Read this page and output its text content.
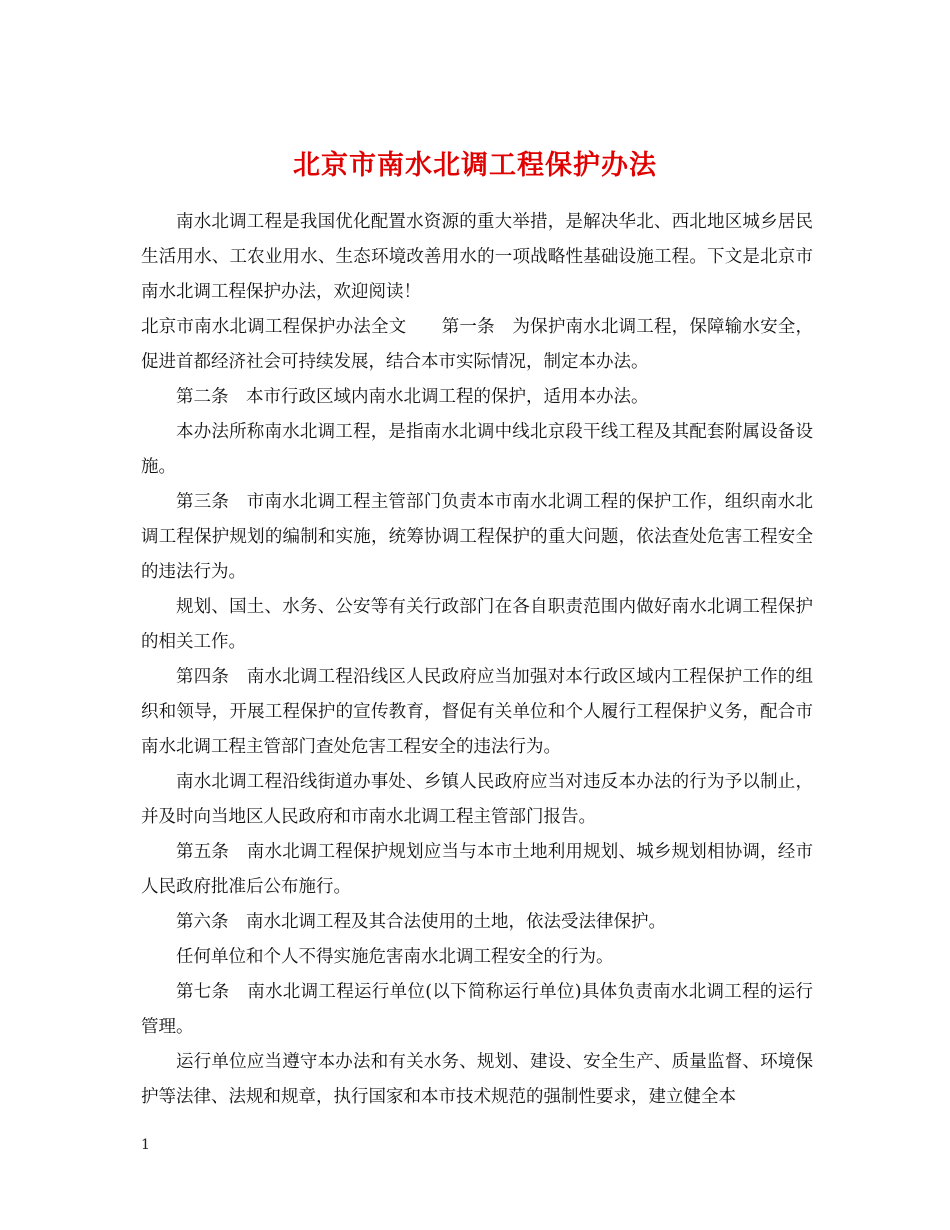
北京市南水北调工程保护办法

南水北调工程是我国优化配置水资源的重大举措，是解决华北、西北地区城乡居民生活用水、工农业用水、生态环境改善用水的一项战略性基础设施工程。下文是北京市南水北调工程保护办法，欢迎阅读！

北京市南水北调工程保护办法全文　　第一条　为保护南水北调工程，保障输水安全，促进首都经济社会可持续发展，结合本市实际情况，制定本办法。

第二条　本市行政区域内南水北调工程的保护，适用本办法。

本办法所称南水北调工程，是指南水北调中线北京段干线工程及其配套附属设备设施。

第三条　市南水北调工程主管部门负责本市南水北调工程的保护工作，组织南水北调工程保护规划的编制和实施，统筹协调工程保护的重大问题，依法查处危害工程安全的违法行为。

规划、国土、水务、公安等有关行政部门在各自职责范围内做好南水北调工程保护的相关工作。

第四条　南水北调工程沿线区人民政府应当加强对本行政区域内工程保护工作的组织和领导，开展工程保护的宣传教育，督促有关单位和个人履行工程保护义务，配合市南水北调工程主管部门查处危害工程安全的违法行为。

南水北调工程沿线街道办事处、乡镇人民政府应当对违反本办法的行为予以制止，并及时向当地区人民政府和市南水北调工程主管部门报告。

第五条　南水北调工程保护规划应当与本市土地利用规划、城乡规划相协调，经市人民政府批准后公布施行。

第六条　南水北调工程及其合法使用的土地，依法受法律保护。

任何单位和个人不得实施危害南水北调工程安全的行为。

第七条　南水北调工程运行单位(以下简称运行单位)具体负责南水北调工程的运行管理。

运行单位应当遵守本办法和有关水务、规划、建设、安全生产、质量监督、环境保护等法律、法规和规章，执行国家和本市技术规范的强制性要求，建立健全本

1
